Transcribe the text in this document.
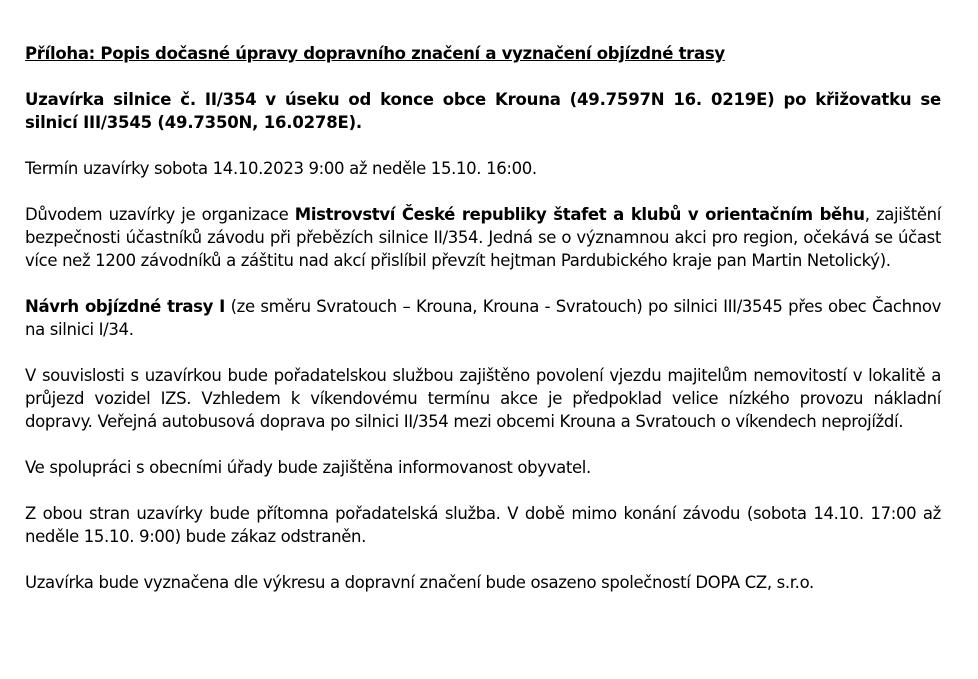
Příloha: Popis dočasné úpravy dopravního značení a vyznačení objízdné trasy

Uzavírka silnice č. II/354 v úseku od konce obce Krouna (49.7597N 16. 0219E) po křižovatku se silnicí III/3545 (49.7350N, 16.0278E).

Termín uzavírky sobota 14.10.2023 9:00 až neděle 15.10. 16:00.

Důvodem uzavírky je organizace Mistrovství České republiky štafet a klubů v orientačním běhu, zajištění bezpečnosti účastníků závodu při přebězích silnice II/354. Jedná se o významnou akci pro region, očekává se účast více než 1200 závodníků a záštitu nad akcí přislíbil převzít hejtman Pardubického kraje pan Martin Netolický).

Návrh objízdné trasy I (ze směru Svratouch – Krouna, Krouna - Svratouch) po silnici III/3545 přes obec Čachnov na silnici I/34.

V souvislosti s uzavírkou bude pořadatelskou službou zajištěno povolení vjezdu majitelům nemovitostí v lokalitě a průjezd vozidel IZS. Vzhledem k víkendovému termínu akce je předpoklad velice nízkého provozu nákladní dopravy. Veřejná autobusová doprava po silnici II/354 mezi obcemi Krouna a Svratouch o víkendech neprojíždí.

Ve spolupráci s obecními úřady bude zajištěna informovanost obyvatel.

Z obou stran uzavírky bude přítomna pořadatelská služba. V době mimo konání závodu (sobota 14.10. 17:00 až neděle 15.10. 9:00) bude zákaz odstraněn.

Uzavírka bude vyznačena dle výkresu a dopravní značení bude osazeno společností DOPA CZ, s.r.o.
